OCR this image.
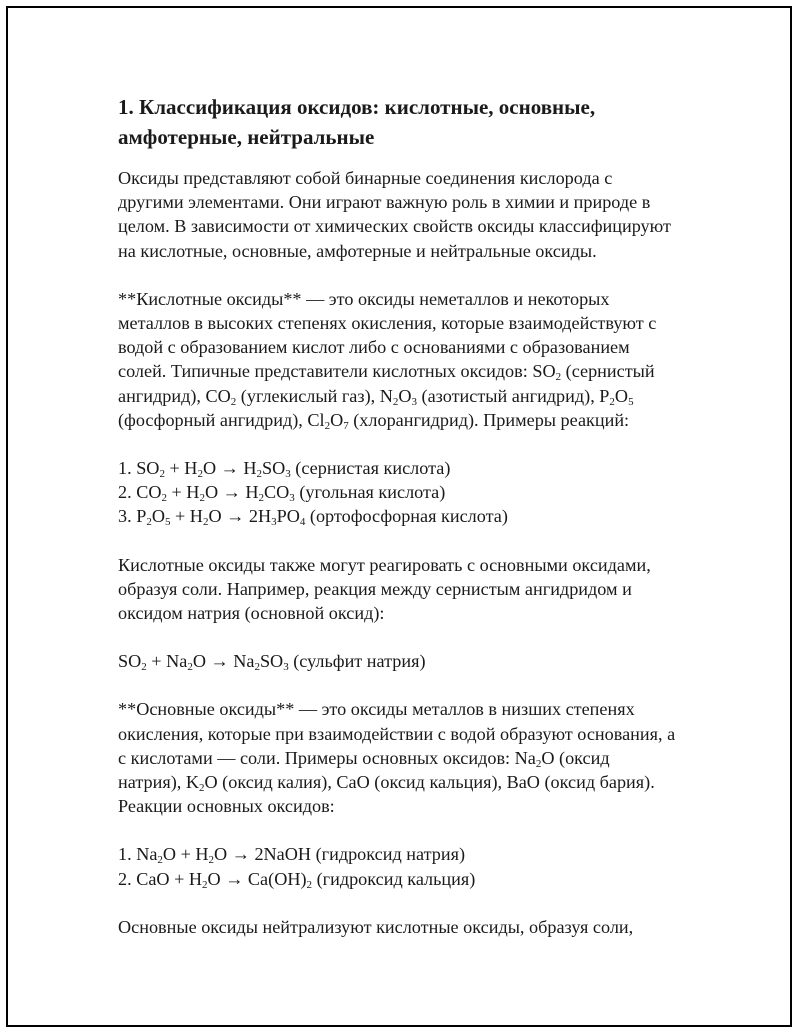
1. Классификация оксидов: кислотные, основные,
амфотерные, нейтральные

Оксиды представляют собой бинарные соединения кислорода с
другими элементами. Они играют важную роль в химии и природе в
целом. В зависимости от химических свойств оксиды классифицируют
на кислотные, основные, амфотерные и нейтральные оксиды.

**Кислотные оксиды** — это оксиды неметаллов и некоторых
металлов в высоких степенях окисления, которые взаимодействуют с
водой с образованием кислот либо с основаниями с образованием
солей. Типичные представители кислотных оксидов: $SO_2$ (сернистый
ангидрид), $CO_2$ (углекислый газ), $N_2O_3$ (азотистый ангидрид), $P_2O_5$
(фосфорный ангидрид), $Cl_2O_7$ (хлорангидрид). Примеры реакций:

1. $SO_2 + H_2O \to H_2SO_3$ (сернистая кислота)
2. $CO_2 + H_2O \to H_2CO_3$ (угольная кислота)
3. $P_2O_5 + H_2O \to 2H_3PO_4$ (ортофосфорная кислота)

Кислотные оксиды также могут реагировать с основными оксидами,
образуя соли. Например, реакция между сернистым ангидридом и
оксидом натрия (основной оксид):

$SO_2 + Na_2O \to Na_2SO_3$ (сульфит натрия)

**Основные оксиды** — это оксиды металлов в низших степенях
окисления, которые при взаимодействии с водой образуют основания, а
с кислотами — соли. Примеры основных оксидов: $Na_2O$ (оксид
натрия), $K_2O$ (оксид калия), CaO (оксид кальция), BaO (оксид бария).
Реакции основных оксидов:

1. $Na_2O + H_2O$ → 2NaOH (гидроксид натрия)
2. CaO + $H_2O \to Ca(OH)_2$ (гидроксид кальция)

Основные оксиды нейтрализуют кислотные оксиды, образуя соли,
